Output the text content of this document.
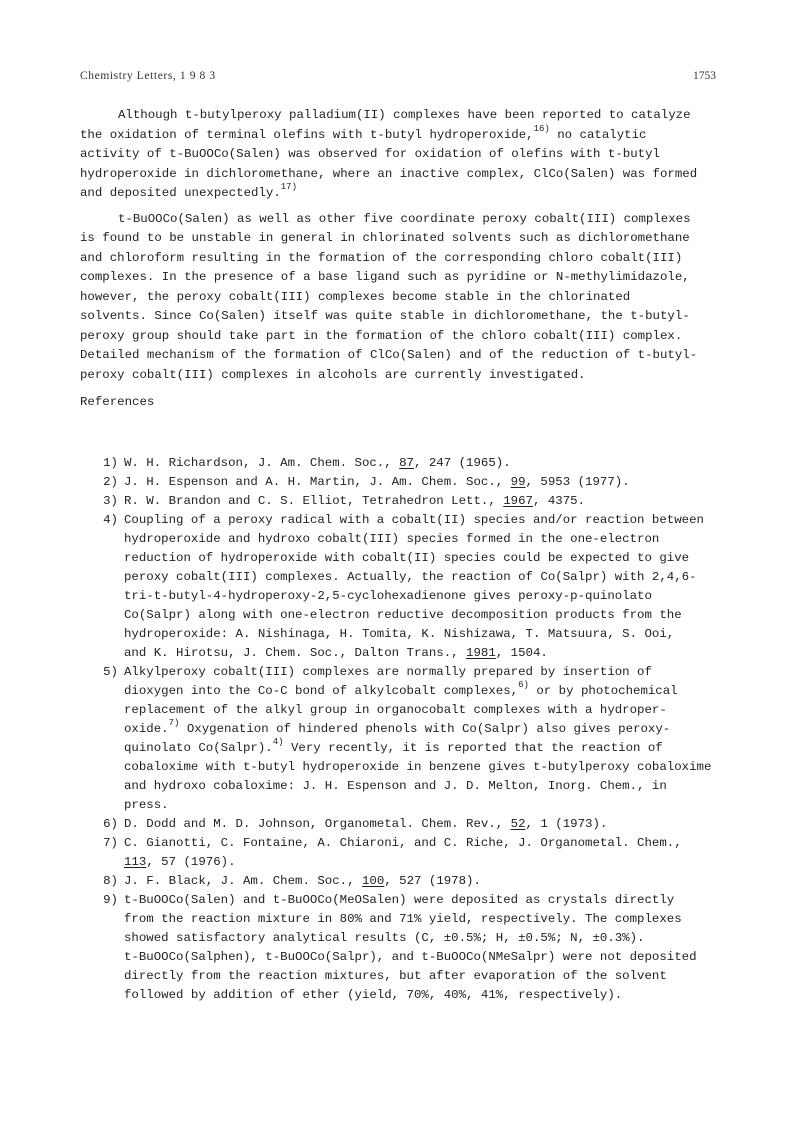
Chemistry Letters, 1 9 8 3	1753
Although t-butylperoxy palladium(II) complexes have been reported to catalyze
the oxidation of terminal olefins with t-butyl hydroperoxide,$^{16)}$ no catalytic
activity of t-BuOOCo(Salen) was observed for oxidation of olefins with t-butyl
hydroperoxide in dichloromethane, where an inactive complex, ClCo(Salen) was formed
and deposited unexpectedly.$^{17)}$
t-BuOOCo(Salen) as well as other five coordinate peroxy cobalt(III) complexes
is found to be unstable in general in chlorinated solvents such as dichloromethane
and chloroform resulting in the formation of the corresponding chloro cobalt(III)
complexes. In the presence of a base ligand such as pyridine or N-methylimidazole,
however, the peroxy cobalt(III) complexes become stable in the chlorinated
solvents. Since Co(Salen) itself was quite stable in dichloromethane, the t-butyl-
peroxy group should take part in the formation of the chloro cobalt(III) complex.
Detailed mechanism of the formation of ClCo(Salen) and of the reduction of t-butyl-
peroxy cobalt(III) complexes in alcohols are currently investigated.
References
1) W. H. Richardson, J. Am. Chem. Soc., 87, 247 (1965).
2) J. H. Espenson and A. H. Martin, J. Am. Chem. Soc., 99, 5953 (1977).
3) R. W. Brandon and C. S. Elliot, Tetrahedron Lett., 1967, 4375.
4) Coupling of a peroxy radical with a cobalt(II) species and/or reaction between
hydroperoxide and hydroxo cobalt(III) species formed in the one-electron
reduction of hydroperoxide with cobalt(II) species could be expected to give
peroxy cobalt(III) complexes. Actually, the reaction of Co(Salpr) with 2,4,6-
tri-t-butyl-4-hydroperoxy-2,5-cyclohexadienone gives peroxy-p-quinolato
Co(Salpr) along with one-electron reductive decomposition products from the
hydroperoxide: A. Nishinaga, H. Tomita, K. Nishizawa, T. Matsuura, S. Ooi,
and K. Hirotsu, J. Chem. Soc., Dalton Trans., 1981, 1504.
5) Alkylperoxy cobalt(III) complexes are normally prepared by insertion of
dioxygen into the Co-C bond of alkylcobalt complexes,$^{6)}$ or by photochemical
replacement of the alkyl group in organocobalt complexes with a hydroper-
oxide.$^{7)}$ Oxygenation of hindered phenols with Co(Salpr) also gives peroxy-
quinolato Co(Salpr).$^{4)}$ Very recently, it is reported that the reaction of
cobaloxime with t-butyl hydroperoxide in benzene gives t-butylperoxy cobaloxime
and hydroxo cobaloxime: J. H. Espenson and J. D. Melton, Inorg. Chem., in
press.
6) D. Dodd and M. D. Johnson, Organometal. Chem. Rev., 52, 1 (1973).
7) C. Gianotti, C. Fontaine, A. Chiaroni, and C. Riche, J. Organometal. Chem.,
113, 57 (1976).
8) J. F. Black, J. Am. Chem. Soc., 100, 527 (1978).
9) t-BuOOCo(Salen) and t-BuOOCo(MeOSalen) were deposited as crystals directly
from the reaction mixture in 80% and 71% yield, respectively. The complexes
showed satisfactory analytical results (C, ±0.5%; H, ±0.5%; N, ±0.3%).
t-BuOOCo(Salphen), t-BuOOCo(Salpr), and t-BuOOCo(NMeSalpr) were not deposited
directly from the reaction mixtures, but after evaporation of the solvent
followed by addition of ether (yield, 70%, 40%, 41%, respectively).
